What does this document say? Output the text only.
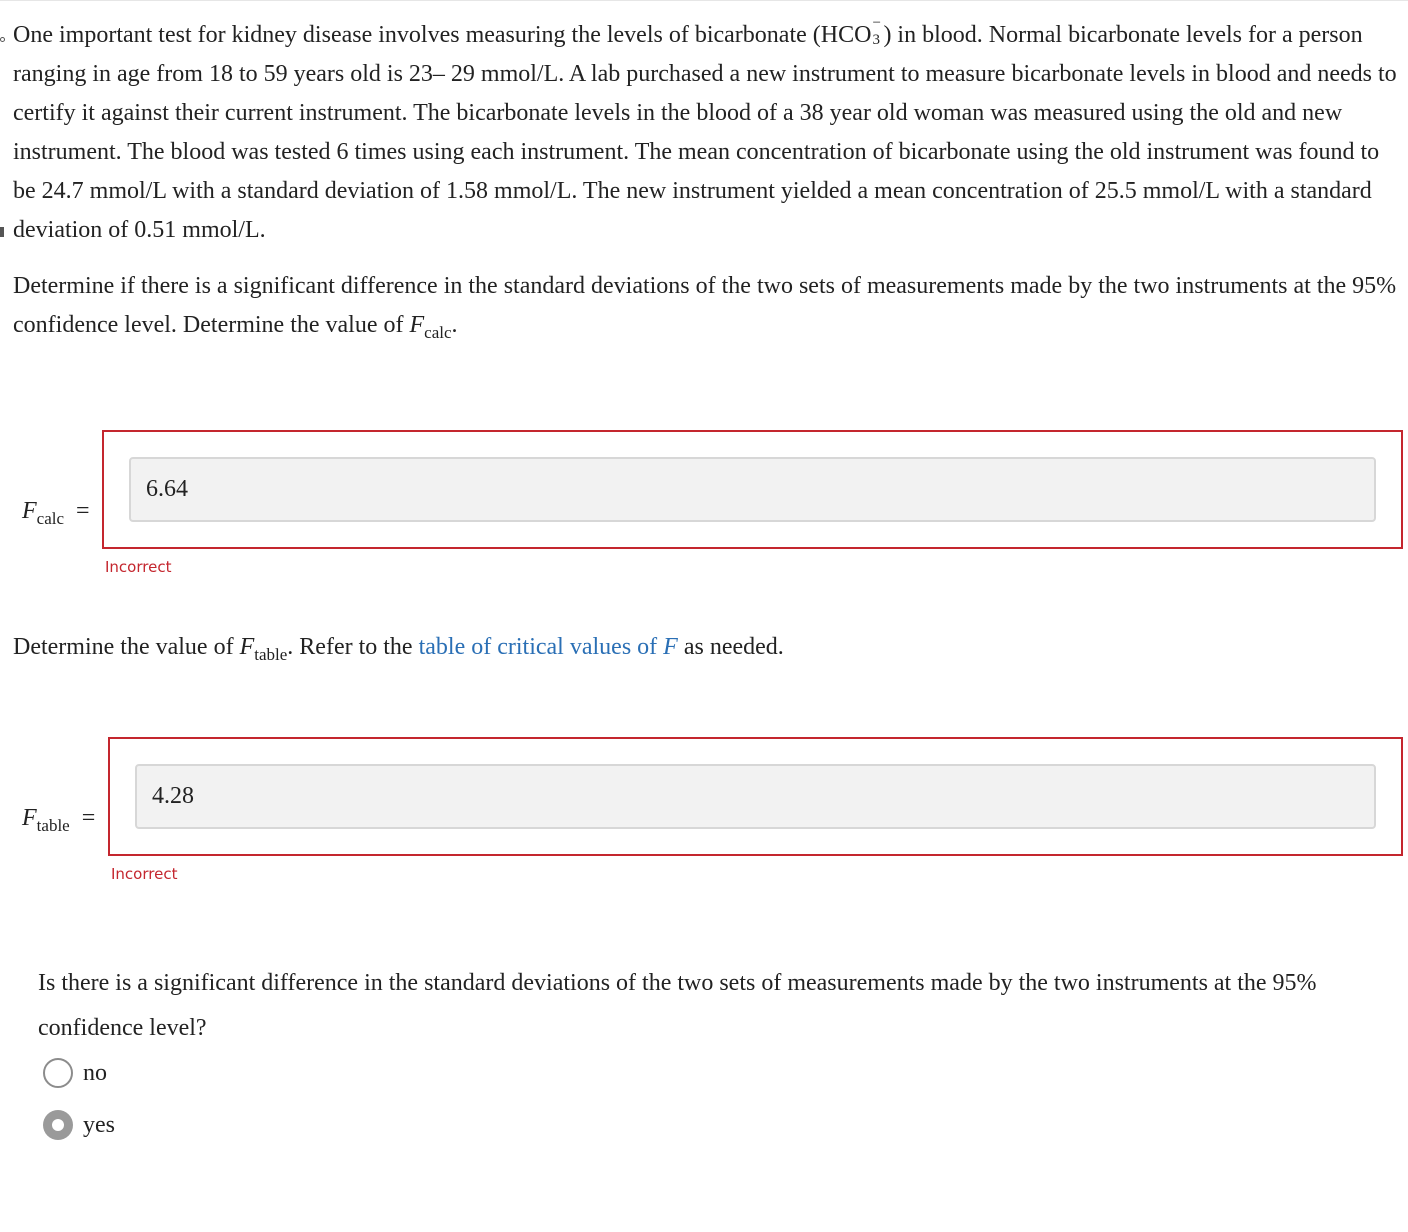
One important test for kidney disease involves measuring the levels of bicarbonate (HCO −
3 ) in blood. Normal bicarbonate levels for a person ranging in age from 18 to 59 years old is 23– 29 mmol/L. A lab purchased a new instrument to measure bicarbonate levels in blood and needs to certify it against their current instrument. The bicarbonate levels in the blood of a 38 year old woman was measured using the old and new instrument. The blood was tested 6 times using each instrument. The mean concentration of bicarbonate using the old instrument was found to be 24.7 mmol/L with a standard deviation of 1.58 mmol/L. The new instrument yielded a mean concentration of 25.5 mmol/L with a standard deviation of 0.51 mmol/L.

Determine if there is a significant difference in the standard deviations of the two sets of measurements made by the two instruments at the 95% confidence level. Determine the value of $F_{calc}$.

$F_{calc}$ =
6.64
Incorrect

Determine the value of $F_{table}$. Refer to the table of critical values of F as needed.

$F_{table}$ =
4.28
Incorrect

Is there is a significant difference in the standard deviations of the two sets of measurements made by the two instruments at the 95% confidence level?

no
yes
